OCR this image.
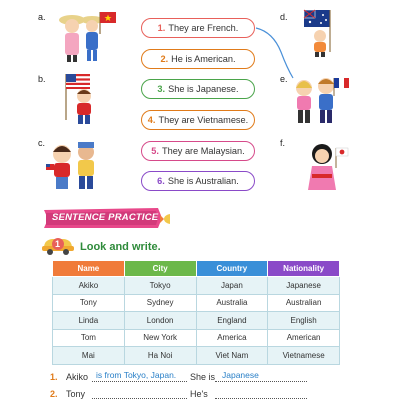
a.
b.
c.
d.
e.
f.
1. They are French.
2. He is American.
3. She is Japanese.
4. They are Vietnamese.
5. They are Malaysian.
6. She is Australian.
SENTENCE PRACTICE
1 Look and write.
Name	City	Country	Nationality
Akiko	Tokyo	Japan	Japanese
Tony	Sydney	Australia	Australian
Linda	London	England	English
Tom	New York	America	American
Mai	Ha Noi	Viet Nam	Vietnamese
1. Akiko is from Tokyo, Japan. She is Japanese
2. Tony	He's
